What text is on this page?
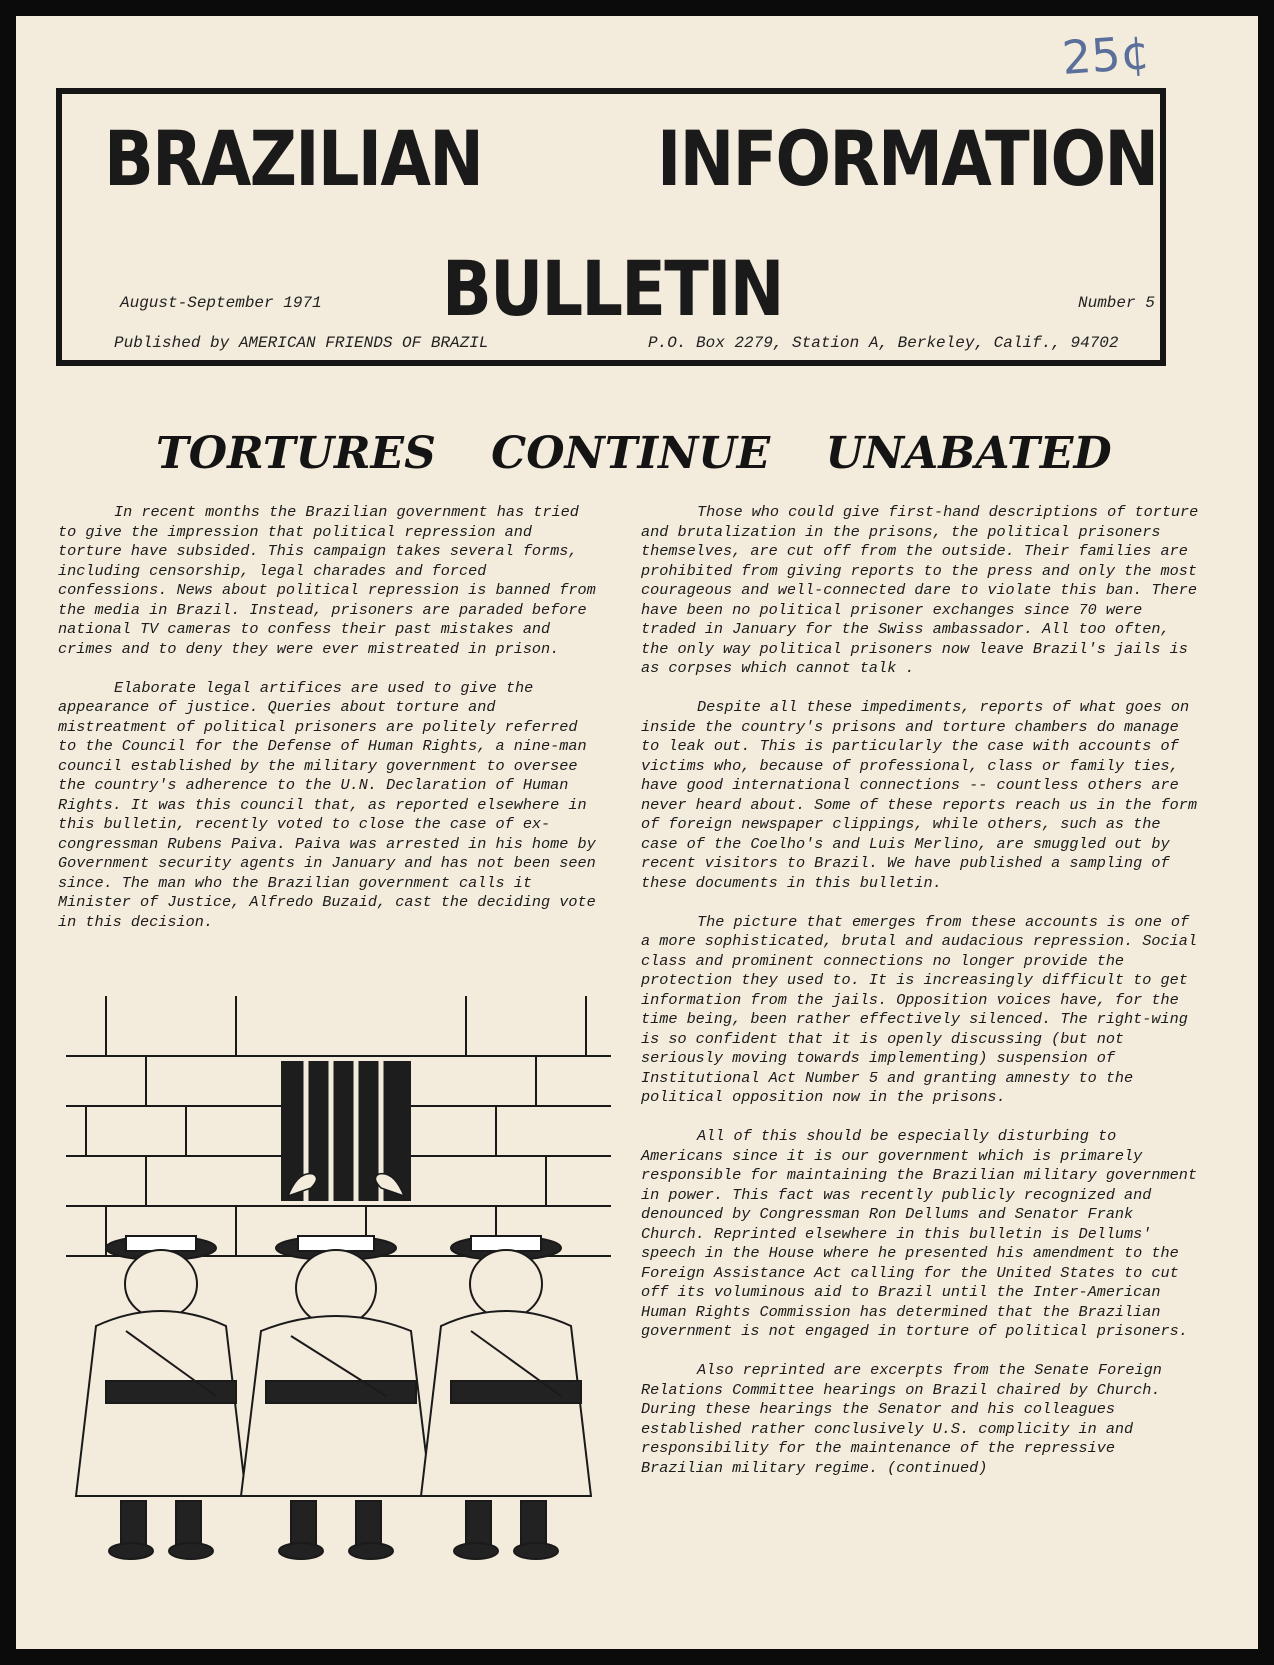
25¢
BRAZILIAN INFORMATION
BULLETIN
August-September 1971	Number 5
Published by AMERICAN FRIENDS OF BRAZIL	P.O. Box 2279, Station A, Berkeley, Calif., 94702
TORTURES CONTINUE UNABATED

In recent months the Brazilian government has tried to give the impression that political repression and torture have subsided. This campaign takes several forms, including censorship, legal charades and forced confessions. News about political repression is banned from the media in Brazil. Instead, prisoners are paraded before national TV cameras to confess their past mistakes and crimes and to deny they were ever mistreated in prison.

Elaborate legal artifices are used to give the appearance of justice. Queries about torture and mistreatment of political prisoners are politely referred to the Council for the Defense of Human Rights, a nine-man council established by the military government to oversee the country's adherence to the U.N. Declaration of Human Rights. It was this council that, as reported elsewhere in this bulletin, recently voted to close the case of ex-congressman Rubens Paiva. Paiva was arrested in his home by Government security agents in January and has not been seen since. The man who the Brazilian government calls it Minister of Justice, Alfredo Buzaid, cast the deciding vote in this decision.

Those who could give first-hand descriptions of torture and brutalization in the prisons, the political prisoners themselves, are cut off from the outside. Their families are prohibited from giving reports to the press and only the most courageous and well-connected dare to violate this ban. There have been no political prisoner exchanges since 70 were traded in January for the Swiss ambassador. All too often, the only way political prisoners now leave Brazil's jails is as corpses which cannot talk .

Despite all these impediments, reports of what goes on inside the country's prisons and torture chambers do manage to leak out. This is particularly the case with accounts of victims who, because of professional, class or family ties, have good international connections -- countless others are never heard about. Some of these reports reach us in the form of foreign newspaper clippings, while others, such as the case of the Coelho's and Luis Merlino, are smuggled out by recent visitors to Brazil. We have published a sampling of these documents in this bulletin.

The picture that emerges from these accounts is one of a more sophisticated, brutal and audacious repression. Social class and prominent connections no longer provide the protection they used to. It is increasingly difficult to get information from the jails. Opposition voices have, for the time being, been rather effectively silenced. The right-wing is so confident that it is openly discussing (but not seriously moving towards implementing) suspension of Institutional Act Number 5 and granting amnesty to the political opposition now in the prisons.

All of this should be especially disturbing to Americans since it is our government which is primarely responsible for maintaining the Brazilian military government in power. This fact was recently publicly recognized and denounced by Congressman Ron Dellums and Senator Frank Church. Reprinted elsewhere in this bulletin is Dellums' speech in the House where he presented his amendment to the Foreign Assistance Act calling for the United States to cut off its voluminous aid to Brazil until the Inter-American Human Rights Commission has determined that the Brazilian government is not engaged in torture of political prisoners.

Also reprinted are excerpts from the Senate Foreign Relations Committee hearings on Brazil chaired by Church. During these hearings the Senator and his colleagues established rather conclusively U.S. complicity in and responsibility for the maintenance of the repressive Brazilian military regime. (continued)
